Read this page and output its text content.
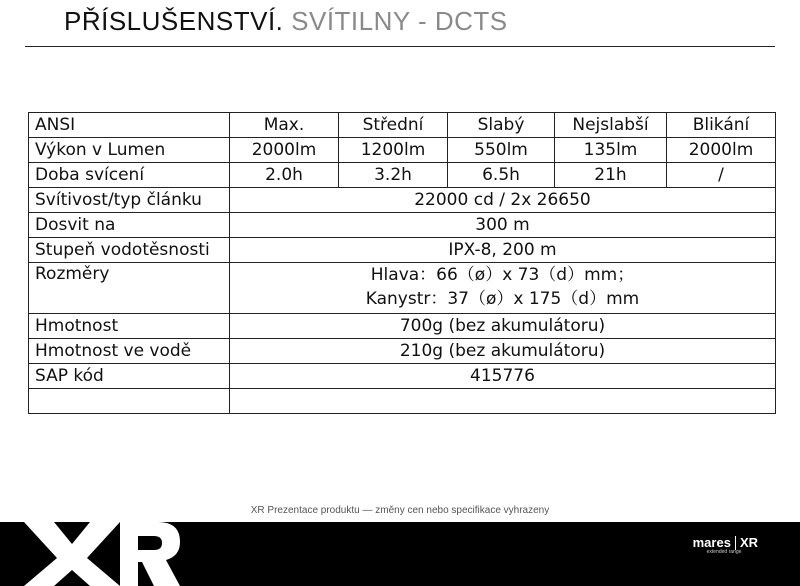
PŘÍSLUŠENSTVÍ. SVÍTILNY - DCTS
ANSI	Max.	Střední	Slabý	Nejslabší	Blikání
Výkon v Lumen	2000lm	1200lm	550lm	135lm	2000lm
Doba svícení	2.0h	3.2h	6.5h	21h	/
Svítivost/typ článku	22000 cd / 2x 26650				
Dosvit na	300 m				
Stupeň vodotěsnosti	IPX-8, 200 m				
Rozměry	Hlava：66（ø）x 73（d）mm；
Kanystr：37（ø）x 175（d）mm				

Hmotnost	700g (bez akumulátoru)				
Hmotnost ve vodě	210g (bez akumulátoru)				
SAP kód	415776				

XR Prezentace produktu — změny cen nebo specifikace vyhrazeny
mares XR
extended range
